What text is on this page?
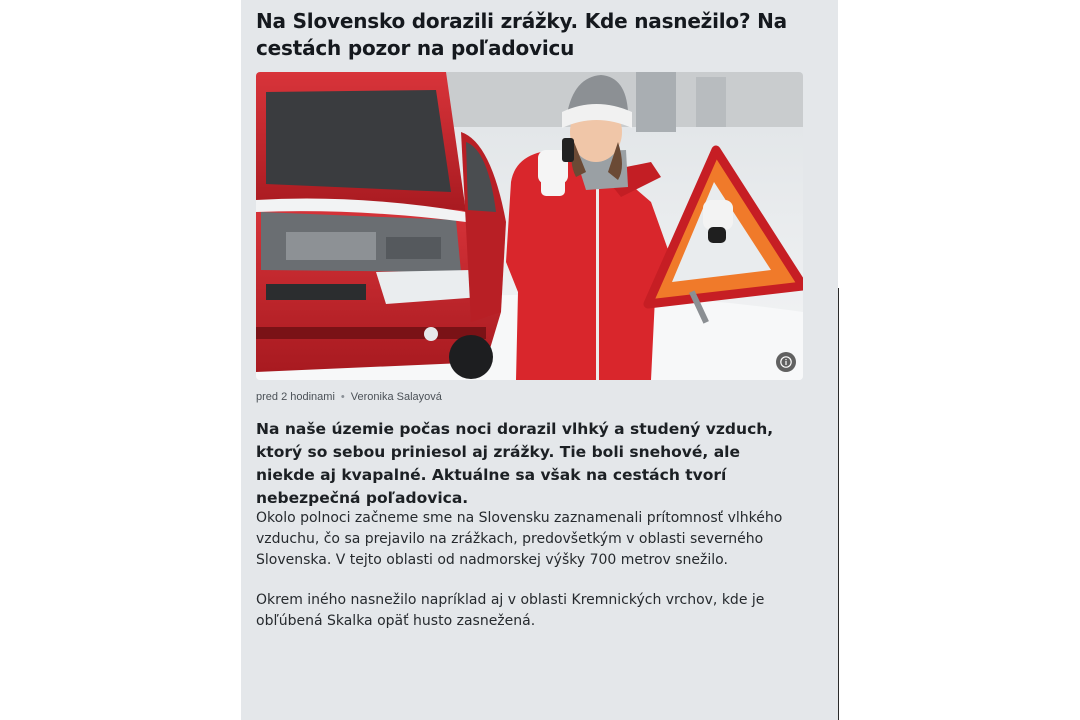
Na Slovensko dorazili zrážky. Kde nasnežilo? Na cestách pozor na poľadovicu
pred 2 hodinami • Veronika Salayová

Na naše územie počas noci dorazil vlhký a studený vzduch, ktorý so sebou priniesol aj zrážky. Tie boli snehové, ale niekde aj kvapalné. Aktuálne sa však na cestách tvorí nebezpečná poľadovica.

Okolo polnoci začneme sme na Slovensku zaznamenali prítomnosť vlhkého vzduchu, čo sa prejavilo na zrážkach, predovšetkým v oblasti severného Slovenska. V tejto oblasti od nadmorskej výšky 700 metrov snežilo.

Okrem iného nasnežilo napríklad aj v oblasti Kremnických vrchov, kde je obľúbená Skalka opäť husto zasnežená.
